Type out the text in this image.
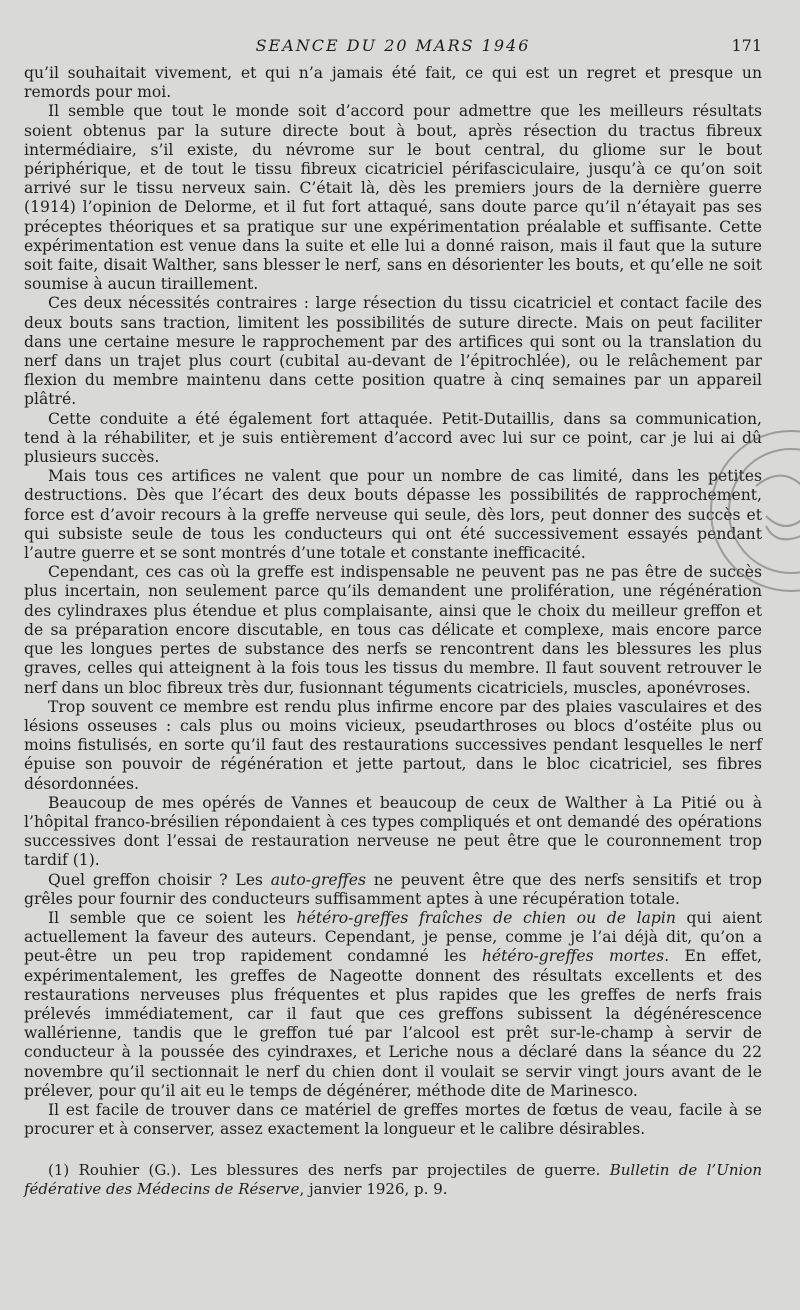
SEANCE DU 20 MARS 1946	171

qu’il souhaitait vivement, et qui n’a jamais été fait, ce qui est un regret et presque un remords pour moi.

Il semble que tout le monde soit d’accord pour admettre que les meilleurs résultats soient obtenus par la suture directe bout à bout, après résection du tractus fibreux intermédiaire, s’il existe, du névrome sur le bout central, du gliome sur le bout périphérique, et de tout le tissu fibreux cicatriciel périfasciculaire, jusqu’à ce qu’on soit arrivé sur le tissu nerveux sain. C’était là, dès les premiers jours de la dernière guerre (1914) l’opinion de Delorme, et il fut fort attaqué, sans doute parce qu’il n’étayait pas ses préceptes théoriques et sa pratique sur une expérimentation préalable et suffisante. Cette expérimentation est venue dans la suite et elle lui a donné raison, mais il faut que la suture soit faite, disait Walther, sans blesser le nerf, sans en désorienter les bouts, et qu’elle ne soit soumise à aucun tiraillement.

Ces deux nécessités contraires : large résection du tissu cicatriciel et contact facile des deux bouts sans traction, limitent les possibilités de suture directe. Mais on peut faciliter dans une certaine mesure le rapprochement par des artifices qui sont ou la translation du nerf dans un trajet plus court (cubital au-devant de l’épitrochlée), ou le relâchement par flexion du membre maintenu dans cette position quatre à cinq semaines par un appareil plâtré.

Cette conduite a été également fort attaquée. Petit-Dutaillis, dans sa communication, tend à la réhabiliter, et je suis entièrement d’accord avec lui sur ce point, car je lui ai dû plusieurs succès.

Mais tous ces artifices ne valent que pour un nombre de cas limité, dans les petites destructions. Dès que l’écart des deux bouts dépasse les possibilités de rapprochement, force est d’avoir recours à la greffe nerveuse qui seule, dès lors, peut donner des succès et qui subsiste seule de tous les conducteurs qui ont été successivement essayés pendant l’autre guerre et se sont montrés d’une totale et constante inefficacité.

Cependant, ces cas où la greffe est indispensable ne peuvent pas ne pas être de succès plus incertain, non seulement parce qu’ils demandent une prolifération, une régénération des cylindraxes plus étendue et plus complaisante, ainsi que le choix du meilleur greffon et de sa préparation encore discutable, en tous cas délicate et complexe, mais encore parce que les longues pertes de substance des nerfs se rencontrent dans les blessures les plus graves, celles qui atteignent à la fois tous les tissus du membre. Il faut souvent retrouver le nerf dans un bloc fibreux très dur, fusionnant téguments cicatriciels, muscles, aponévroses.

Trop souvent ce membre est rendu plus infirme encore par des plaies vasculaires et des lésions osseuses : cals plus ou moins vicieux, pseudarthroses ou blocs d’ostéite plus ou moins fistulisés, en sorte qu’il faut des restaurations successives pendant lesquelles le nerf épuise son pouvoir de régénération et jette partout, dans le bloc cicatriciel, ses fibres désordonnées.

Beaucoup de mes opérés de Vannes et beaucoup de ceux de Walther à La Pitié ou à l’hôpital franco-brésilien répondaient à ces types compliqués et ont demandé des opérations successives dont l’essai de restauration nerveuse ne peut être que le couronnement trop tardif (1).

Quel greffon choisir ? Les auto-greffes ne peuvent être que des nerfs sensitifs et trop grêles pour fournir des conducteurs suffisamment aptes à une récupération totale.

Il semble que ce soient les hétéro-greffes fraîches de chien ou de lapin qui aient actuellement la faveur des auteurs. Cependant, je pense, comme je l’ai déjà dit, qu’on a peut-être un peu trop rapidement condamné les hétéro-greffes mortes. En effet, expérimentalement, les greffes de Nageotte donnent des résultats excellents et des restaurations nerveuses plus fréquentes et plus rapides que les greffes de nerfs frais prélevés immédiatement, car il faut que ces greffons subissent la dégénérescence wallérienne, tandis que le greffon tué par l’alcool est prêt sur-le-champ à servir de conducteur à la poussée des cyindraxes, et Leriche nous a déclaré dans la séance du 22 novembre qu’il sectionnait le nerf du chien dont il voulait se servir vingt jours avant de le prélever, pour qu’il ait eu le temps de dégénérer, méthode dite de Marinesco.

Il est facile de trouver dans ce matériel de greffes mortes de fœtus de veau, facile à se procurer et à conserver, assez exactement la longueur et le calibre désirables.

(1) Rouhier (G.). Les blessures des nerfs par projectiles de guerre. Bulletin de l’Union fédérative des Médecins de Réserve, janvier 1926, p. 9.
